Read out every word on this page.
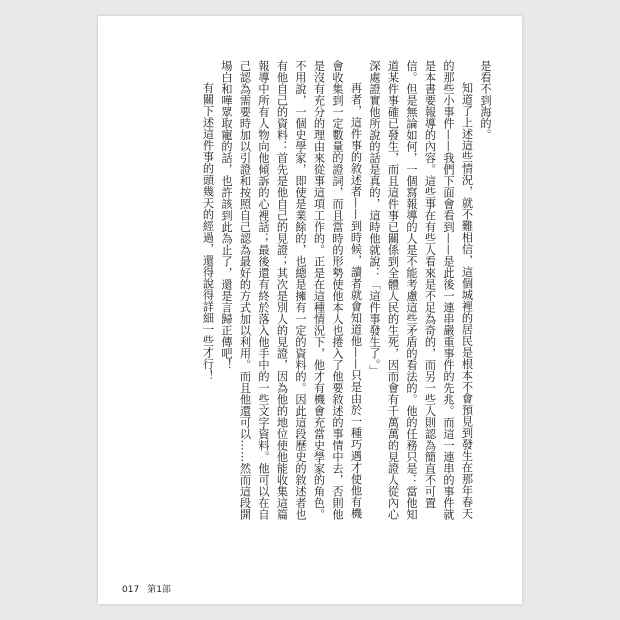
是看不到海的。

知道了上述這些情況，就不難相信，這個城裡的居民是根本不會預見到發生在那年春天的那些小事件——我們下面會看到——是此後一連串嚴重事件的先兆。而這一連串的事件就是本書要報導的內容。這些事在有些人看來是不足為奇的，而另一些人則認為簡直不可置信。但是無論如何，一個寫報導的人是不能考慮這些矛盾的看法的。他的任務只是：當他知道某件事確已發生，而且這件事已關係到全體人民的生死，因而會有千萬萬的見證人從內心深處證實他所說的話是真的，這時他就說：「這件事發生了。」

再者，這件事的敘述者——到時候，讀者就會知道他——只是由於一種巧遇才使他有機會收集到一定數量的證詞，而且當時的形勢使他本人也捲入了他要敘述的事情中去，否則他是沒有充分的理由來從事這項工作的。正是在這種情況下，他才有機會充當史學家的角色。不用說，一個史學家，即使是業餘的，也總是擁有一定的資料的。因此這段歷史的敘述者也有他自己的資料：首先是他自己的見證；其次是別人的見證，因為他的地位使他能收集這篇報導中所有人物向他傾訴的心裡話；最後還有終於落入他手中的一些文字資料。他可以在自己認為需要時加以引證和按照自己認為最好的方式加以利用。而且他還可以……然而這段開場白和嘩眾取寵的話，也許該到此為止了，還是言歸正傳吧！

有關下述這件事的頭幾天的經過，還得說得詳細一些才行！

017 第1部
